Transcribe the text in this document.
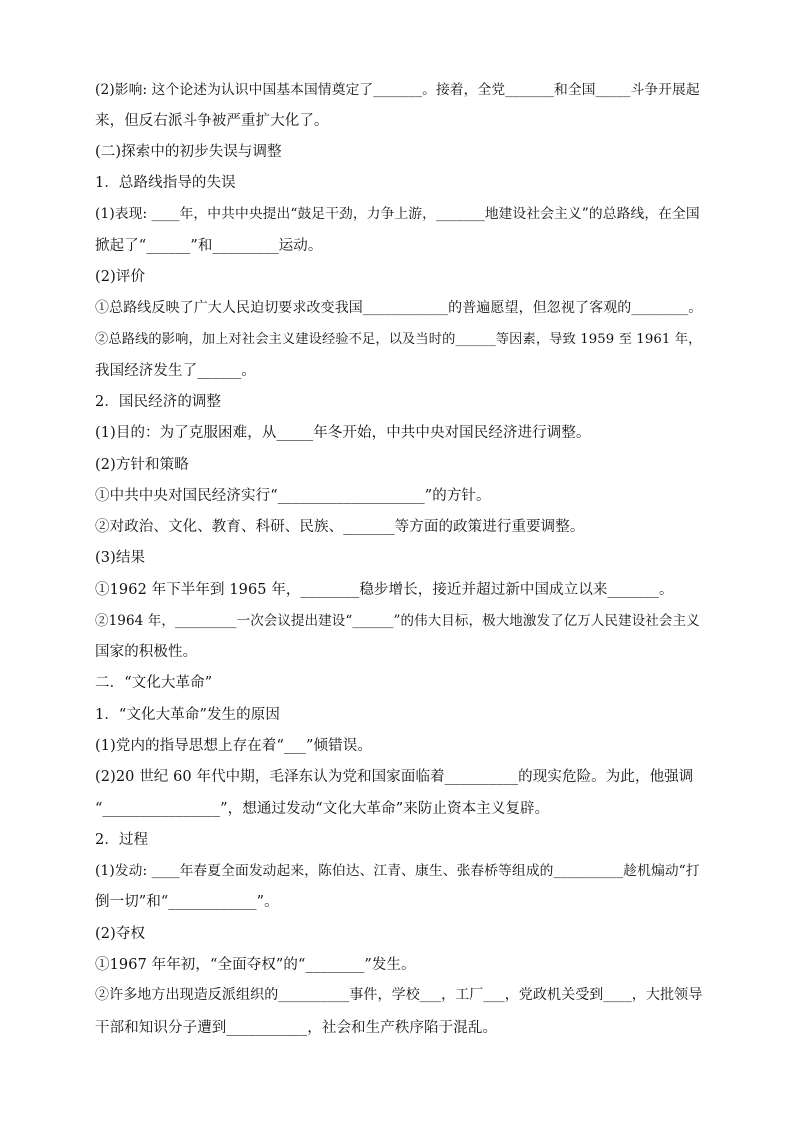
(2)影响: 这个论述为认识中国基本国情奠定了_______。接着，全党_______和全国_____斗争开展起
来，但反右派斗争被严重扩大化了。
(二)探索中的初步失误与调整
1．总路线指导的失误
(1)表现: ____年，中共中央提出“鼓足干劲，力争上游，_______地建设社会主义”的总路线，在全国
掀起了“______”和_________运动。
(2)评价
①总路线反映了广大人民迫切要求改变我国____________的普遍愿望，但忽视了客观的________。
②总路线的影响，加上对社会主义建设经验不足，以及当时的______等因素，导致 1959 至 1961 年，
我国经济发生了______。
2．国民经济的调整
(1)目的：为了克服困难，从_____年冬开始，中共中央对国民经济进行调整。
(2)方针和策略
①中共中央对国民经济实行“____________________”的方针。
②对政治、文化、教育、科研、民族、_______等方面的政策进行重要调整。
(3)结果
①1962 年下半年到 1965 年，________稳步增长，接近并超过新中国成立以来_______。
②1964 年，_________一次会议提出建设“______”的伟大目标，极大地激发了亿万人民建设社会主义
国家的积极性。
二．“文化大革命”
1．“文化大革命”发生的原因
(1)党内的指导思想上存在着“___”倾错误。
(2)20 世纪 60 年代中期，毛泽东认为党和国家面临着__________的现实危险。为此，他强调
“________________”，想通过发动“文化大革命”来防止资本主义复辟。
2．过程
(1)发动: ____年春夏全面发动起来，陈伯达、江青、康生、张春桥等组成的__________趁机煽动“打
倒一切”和“____________”。
(2)夺权
①1967 年年初，“全面夺权”的“________”发生。
②许多地方出现造反派组织的__________事件，学校___，工厂___，党政机关受到____，大批领导
干部和知识分子遭到___________，社会和生产秩序陷于混乱。
